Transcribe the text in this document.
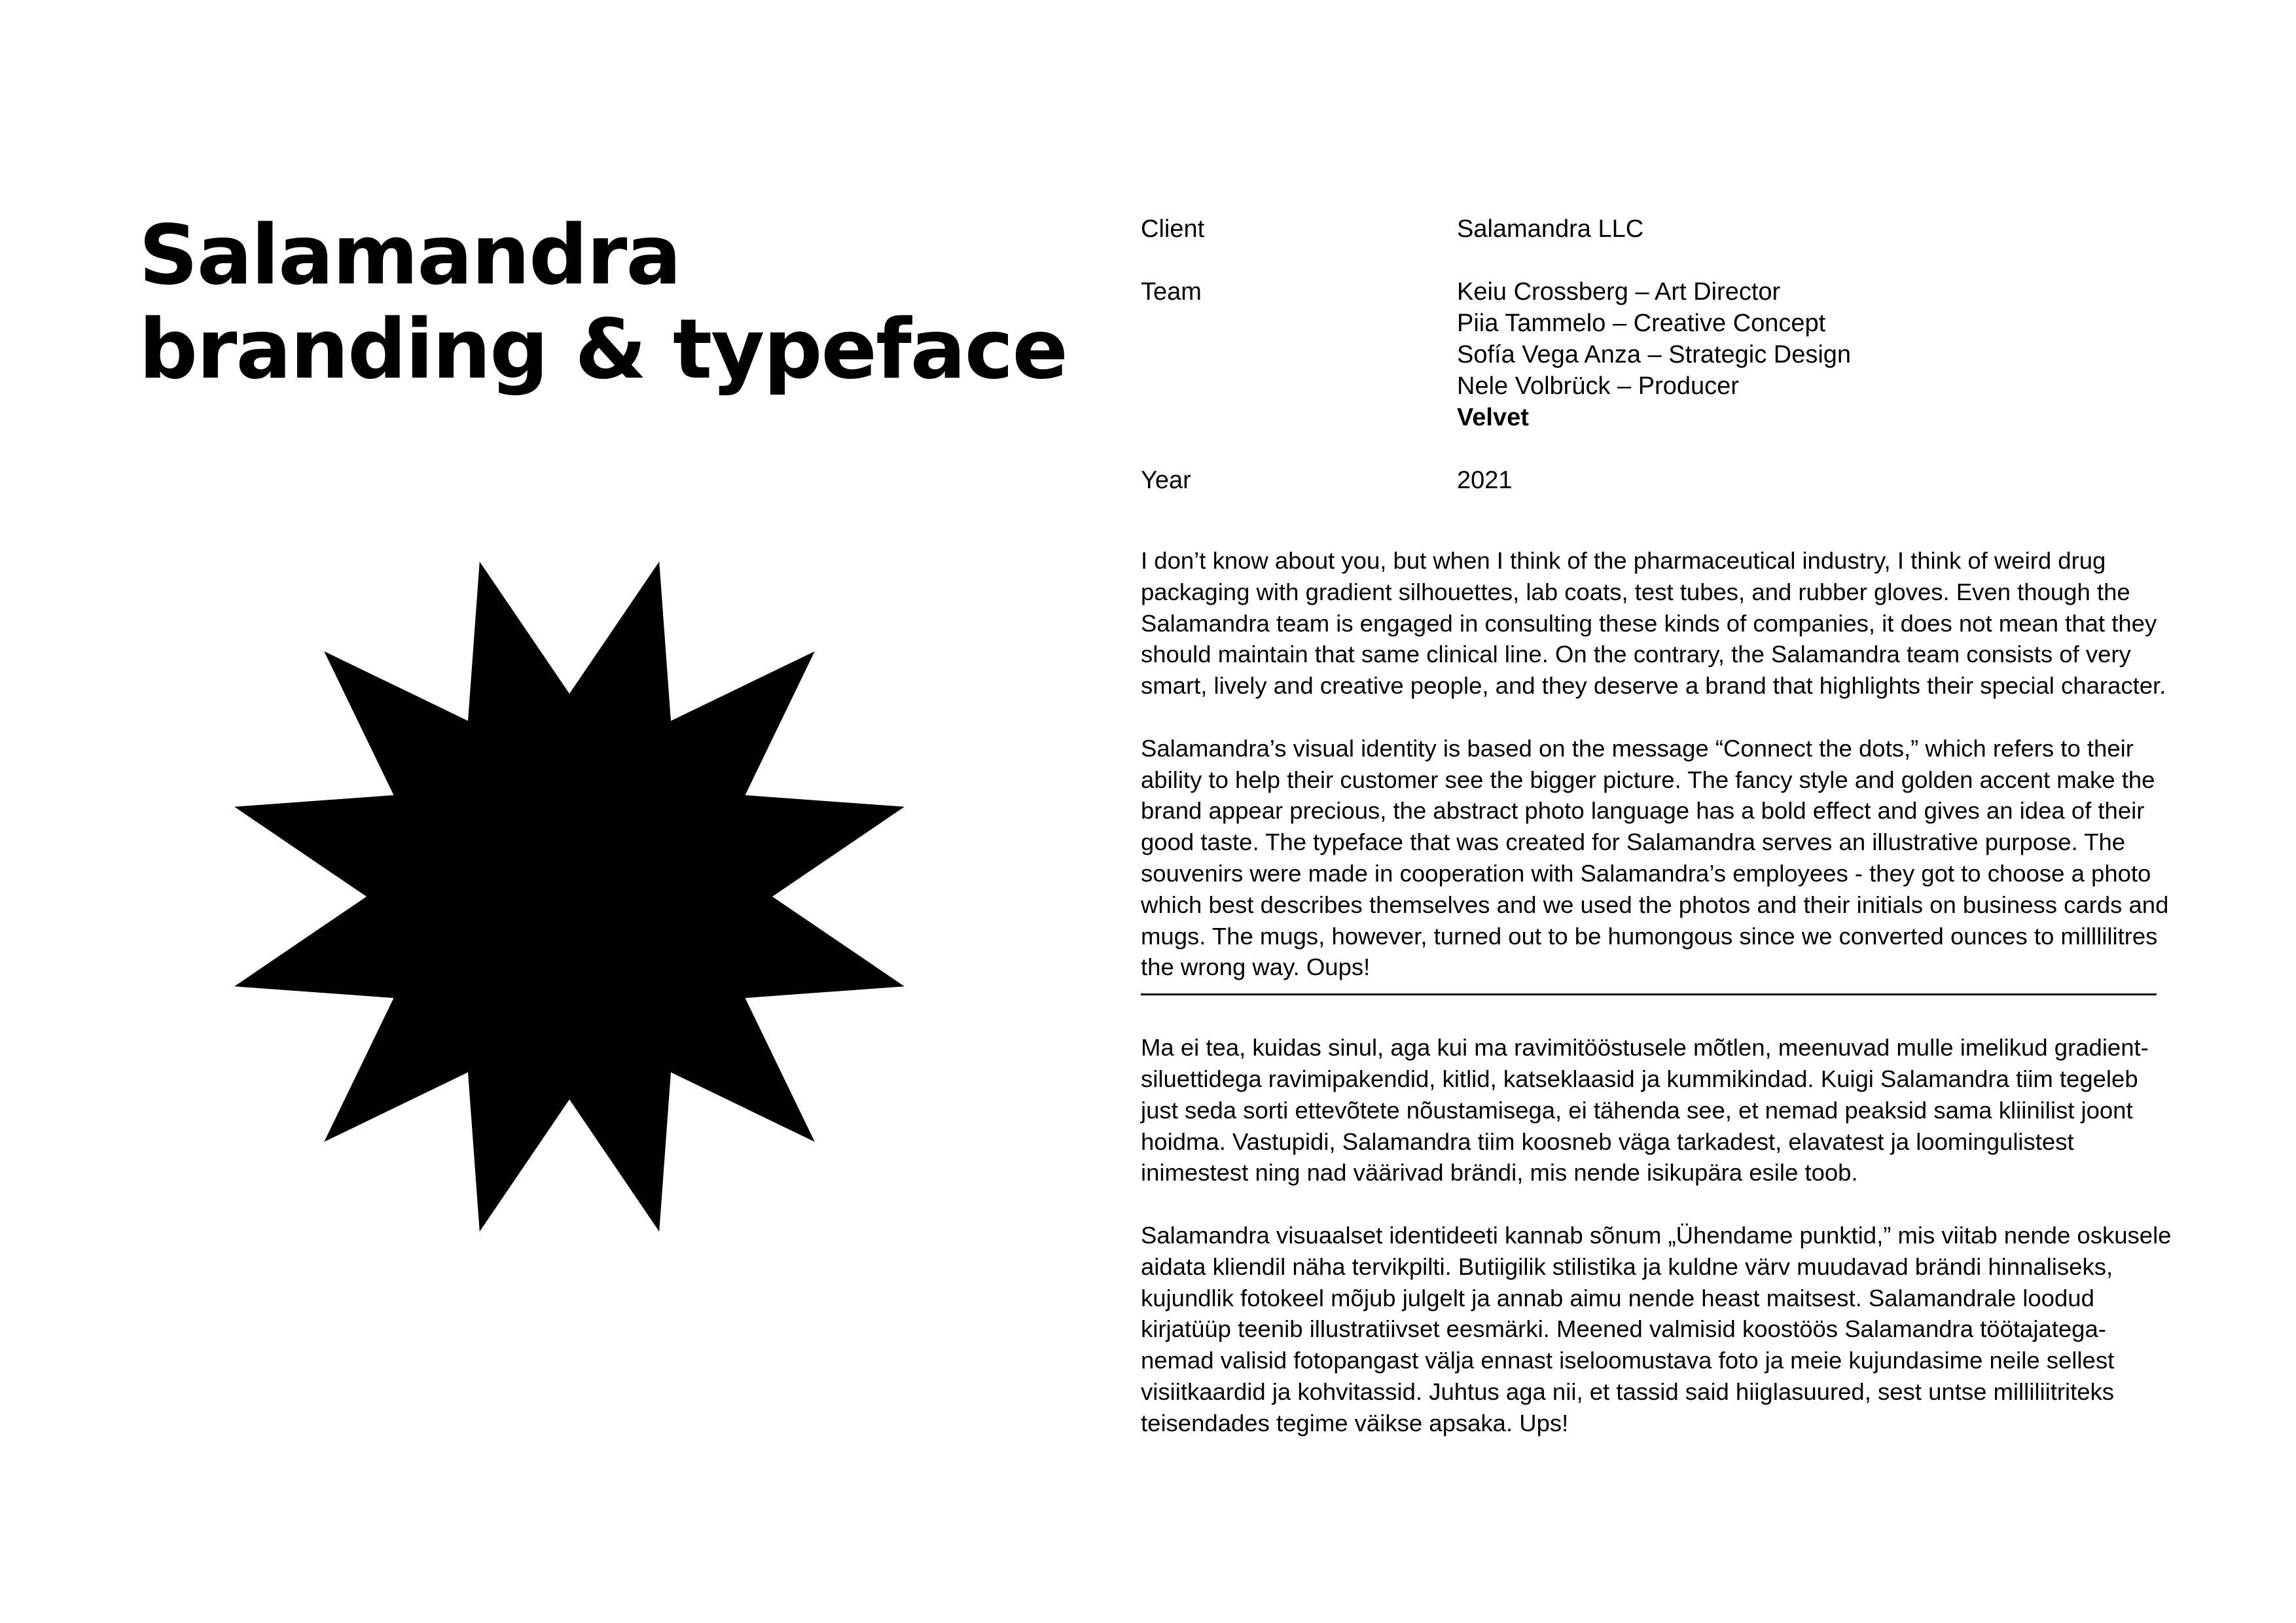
Salamandra
branding & typeface
Client	Salamandra LLC
Team	Keiu Crossberg – Art Director
Piia Tammelo – Creative Concept
Sofía Vega Anza – Strategic Design
Nele Volbrück – Producer
Velvet
Year	2021

I don’t know about you, but when I think of the pharmaceutical industry, I think of weird drug packaging with gradient silhouettes, lab coats, test tubes, and rubber gloves. Even though the Salamandra team is engaged in consulting these kinds of companies, it does not mean that they should maintain that same clinical line. On the contrary, the Salamandra team consists of very smart, lively and creative people, and they deserve a brand that highlights their special character.

Salamandra’s visual identity is based on the message “Connect the dots,” which refers to their ability to help their customer see the bigger picture. The fancy style and golden accent make the brand appear precious, the abstract photo language has a bold effect and gives an idea of their good taste. The typeface that was created for Salamandra serves an illustrative purpose. The souvenirs were made in cooperation with Salamandra’s employees - they got to choose a photo which best describes themselves and we used the photos and their initials on business cards and mugs. The mugs, however, turned out to be humongous since we converted ounces to milllilitres the wrong way. Oups!

Ma ei tea, kuidas sinul, aga kui ma ravimitööstusele mõtlen, meenuvad mulle imelikud gradient-siluettidega ravimipakendid, kitlid, katseklaasid ja kummikindad. Kuigi Salamandra tiim tegeleb just seda sorti ettevõtete nõustamisega, ei tähenda see, et nemad peaksid sama kliinilist joont hoidma. Vastupidi, Salamandra tiim koosneb väga tarkadest, elavatest ja loomingulistest inimestest ning nad väärivad brändi, mis nende isikupära esile toob.

Salamandra visuaalset identideeti kannab sõnum „Ühendame punktid,” mis viitab nende oskusele aidata kliendil näha tervikpilti. Butiigilik stilistika ja kuldne värv muudavad brändi hinnaliseks, kujundlik fotokeel mõjub julgelt ja annab aimu nende heast maitsest. Salamandrale loodud kirjatüüp teenib illustratiivset eesmärki. Meened valmisid koostöös Salamandra töötajatega- nemad valisid fotopangast välja ennast iseloomustava foto ja meie kujundasime neile sellest visiitkaardid ja kohvitassid. Juhtus aga nii, et tassid said hiiglasuured, sest untse milliliitriteks teisendades tegime väikse apsaka. Ups!
